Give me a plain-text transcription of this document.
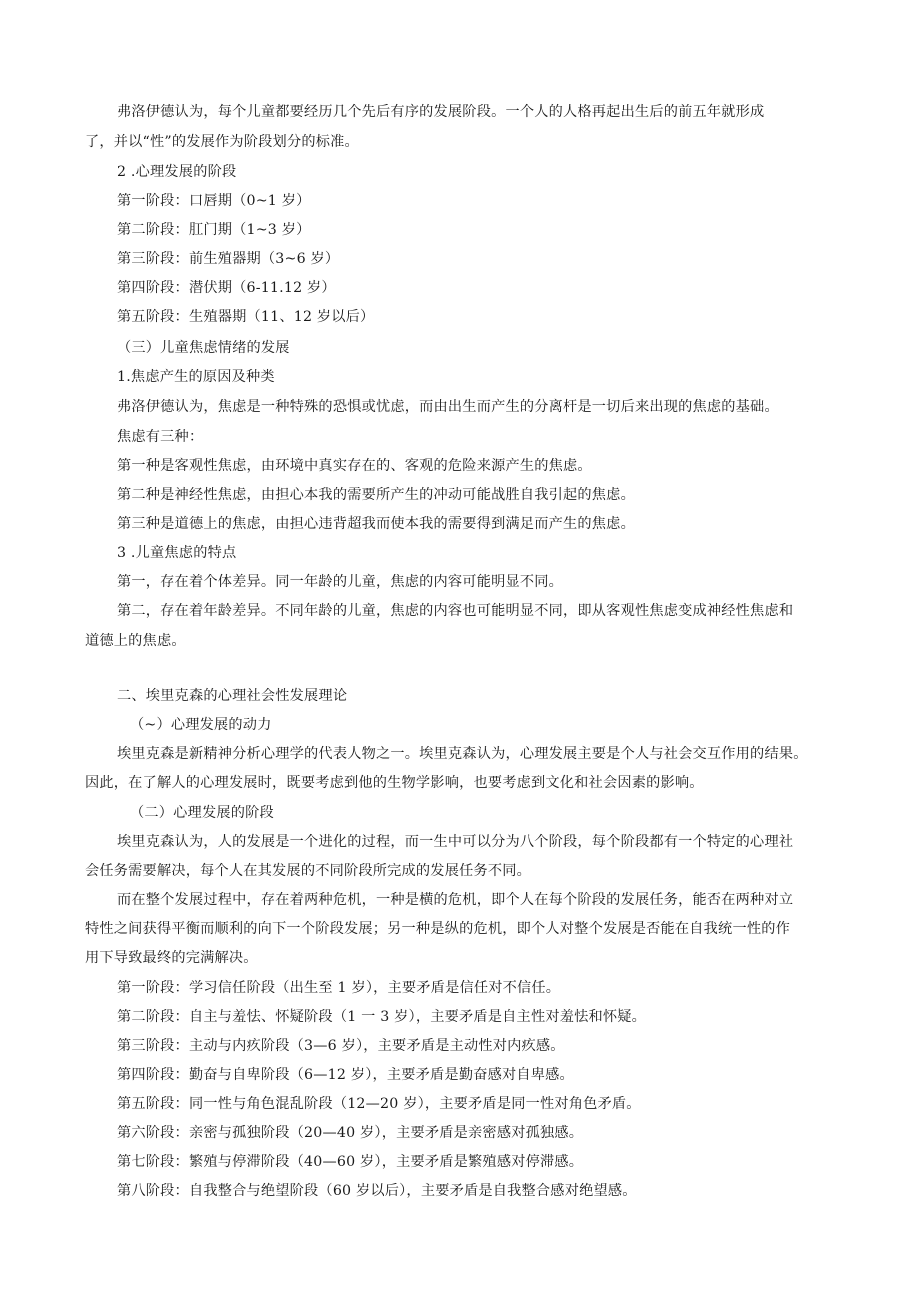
弗洛伊德认为，每个儿童都要经历几个先后有序的发展阶段。一个人的人格再起出生后的前五年就形成
了，并以“性”的发展作为阶段划分的标准。
2 .心理发展的阶段
第一阶段：口唇期（0~1 岁）
第二阶段：肛门期（1~3 岁）
第三阶段：前生殖器期（3~6 岁）
第四阶段：潜伏期（6-11.12 岁）
第五阶段：生殖器期（11、12 岁以后）
（三）儿童焦虑情绪的发展
1.焦虑产生的原因及种类
弗洛伊德认为，焦虑是一种特殊的恐惧或忧虑，而由出生而产生的分离杆是一切后来出现的焦虑的基础。
焦虑有三种：
第一种是客观性焦虑，由环境中真实存在的、客观的危险来源产生的焦虑。
第二种是神经性焦虑，由担心本我的需要所产生的冲动可能战胜自我引起的焦虑。
第三种是道德上的焦虑，由担心违背超我而使本我的需要得到满足而产生的焦虑。
3 .儿童焦虑的特点
第一，存在着个体差异。同一年龄的儿童，焦虑的内容可能明显不同。
第二，存在着年龄差异。不同年龄的儿童，焦虑的内容也可能明显不同，即从客观性焦虑变成神经性焦虑和
道德上的焦虑。
二、埃里克森的心理社会性发展理论
（~）心理发展的动力
埃里克森是新精神分析心理学的代表人物之一。埃里克森认为，心理发展主要是个人与社会交互作用的结果。
因此，在了解人的心理发展时，既要考虑到他的生物学影响，也要考虑到文化和社会因素的影响。
（二）心理发展的阶段
埃里克森认为，人的发展是一个进化的过程，而一生中可以分为八个阶段，每个阶段都有一个特定的心理社
会任务需要解决，每个人在其发展的不同阶段所完成的发展任务不同。
而在整个发展过程中，存在着两种危机，一种是横的危机，即个人在每个阶段的发展任务，能否在两种对立
特性之间获得平衡而顺利的向下一个阶段发展；另一种是纵的危机，即个人对整个发展是否能在自我统一性的作
用下导致最终的完满解决。
第一阶段：学习信任阶段（出生至 1 岁），主要矛盾是信任对不信任。
第二阶段：自主与羞怯、怀疑阶段（1 一 3 岁），主要矛盾是自主性对羞怯和怀疑。
第三阶段：主动与内疚阶段（3—6 岁），主要矛盾是主动性对内疚感。
第四阶段：勤奋与自卑阶段（6—12 岁），主要矛盾是勤奋感对自卑感。
第五阶段：同一性与角色混乱阶段（12—20 岁），主要矛盾是同一性对角色矛盾。
第六阶段：亲密与孤独阶段（20—40 岁），主要矛盾是亲密感对孤独感。
第七阶段：繁殖与停滞阶段（40—60 岁），主要矛盾是繁殖感对停滞感。
第八阶段：自我整合与绝望阶段（60 岁以后），主要矛盾是自我整合感对绝望感。
